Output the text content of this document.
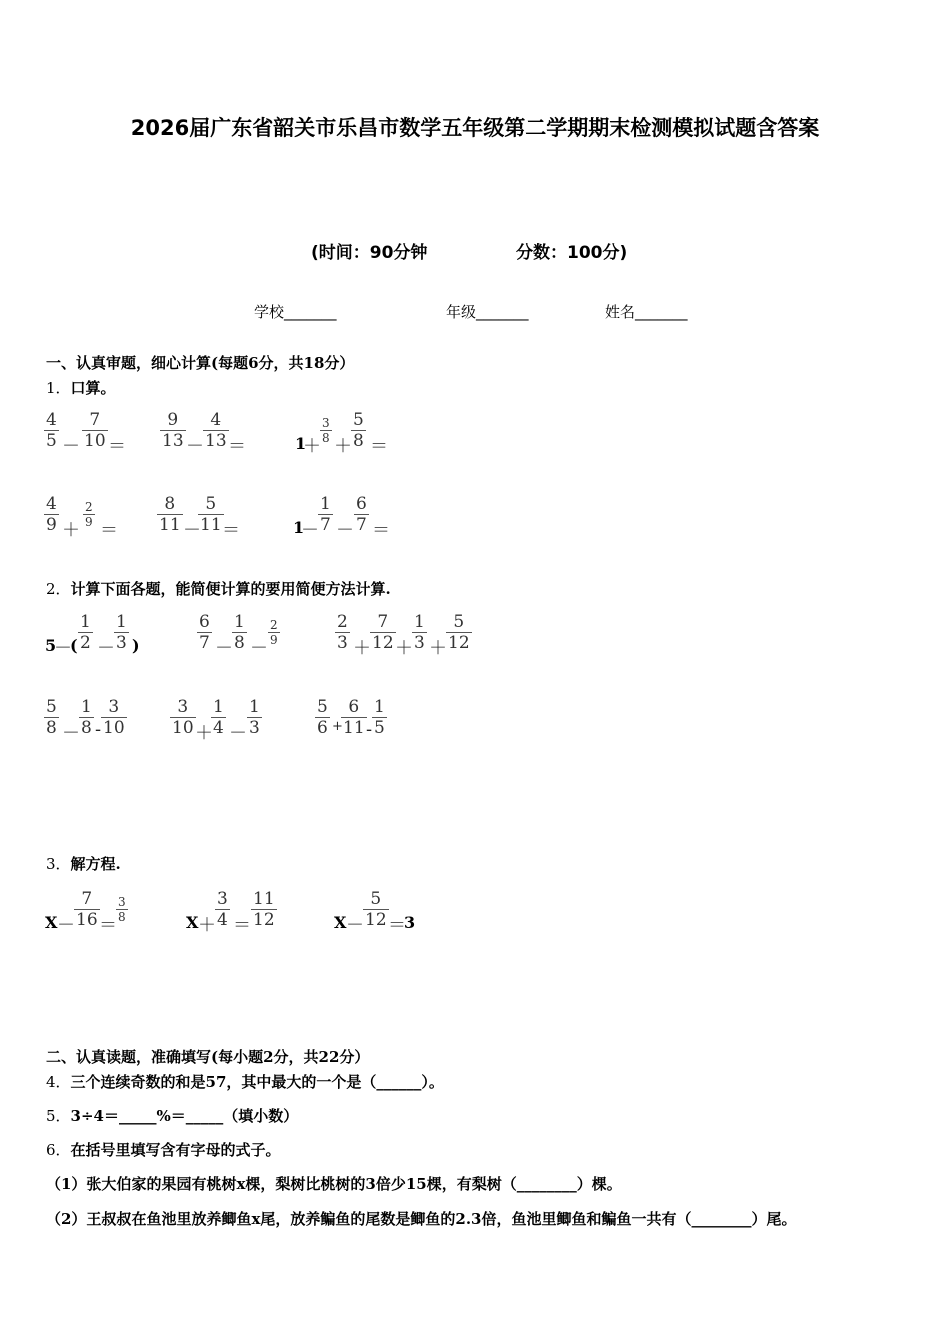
2026届广东省韶关市乐昌市数学五年级第二学期期末检测模拟试题含答案
(时间：90分钟	分数：100分)
学校_______	年级_______	姓名_______
一、认真审题，细心计算(每题6分，共18分）
1．口算。
$\frac{4}{5} - \frac{7}{10} = \frac{9}{13} - \frac{4}{13}$ ＝	1
＋
$\frac{3}{8}$
＋ $\frac{5}{8}$ ＝
$\frac{4}{9}$ ＋
$\frac{2}{9}$
＝ $\frac{8}{11}$ －
$\frac{5}{11}$
＝	1
－ $\frac{1}{7} - \frac{6}{7}$ ＝
2．计算下面各题，能简便计算的要用简便方法计算.
5
－
( $\frac{1}{2} - \frac{1}{3}$ )	$\frac{6}{7} - \frac{1}{8}$ －
$\frac{2}{9}$	$\frac{2}{3} + \frac{7}{12} + \frac{1}{3} + \frac{5}{12}$
$\frac{5}{8} - \frac{1}{8} - \frac{3}{10}$	$\frac{3}{10}$ ＋
$\frac{1}{4} - \frac{1}{3}$	$\frac{5}{6}$ +
$\frac{6}{11} - \frac{1}{5}$
3．解方程.
$X - \frac{7}{16}$ ＝
$\frac{3}{8}$	$X + \frac{3}{4} = \frac{11}{12}$	$X - \frac{5}{12}$ ＝
3
二、认真读题，准确填写(每小题2分，共22分）
4．三个连续奇数的和是57，其中最大的一个是（______）。
5．3÷4＝_____%＝_____（填小数）
6．在括号里填写含有字母的式子。
（1）张大伯家的果园有桃树x棵，梨树比桃树的3倍少15棵，有梨树（________）棵。
（2）王叔叔在鱼池里放养鲫鱼x尾，放养鳊鱼的尾数是鲫鱼的2.3倍，鱼池里鲫鱼和鳊鱼一共有（________）尾。
